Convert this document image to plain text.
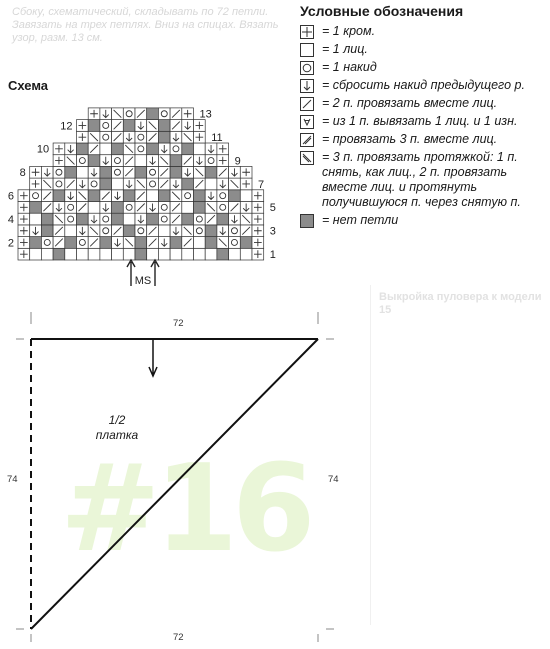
Сбоку, схематический, складывать по 72 петли. Завязать на трех петлях. Вниз на спицах. Вязать узор, разм. 13 см.
Условные обозначения
= 1 кром.
= 1 лиц.
= 1 накид
= сбросить накид предыдущего р.
= 2 п. провязать вместе лиц.
= из 1 п. вывязать 1 лиц. и 1 изн.
= провязать 3 п. вместе лиц.
= 3 п. провязать протяжкой: 1 п. снять, как лиц., 2 п. провязать вместе лиц. и протянуть получившуюся п. через снятую п.
= нет петли
Схема
1
2
3
4
5
6
7
8
9
10
11
12
13
MS
Выкройка пуловера к модели 15
#16
1/2
платка
72
72
74	74
